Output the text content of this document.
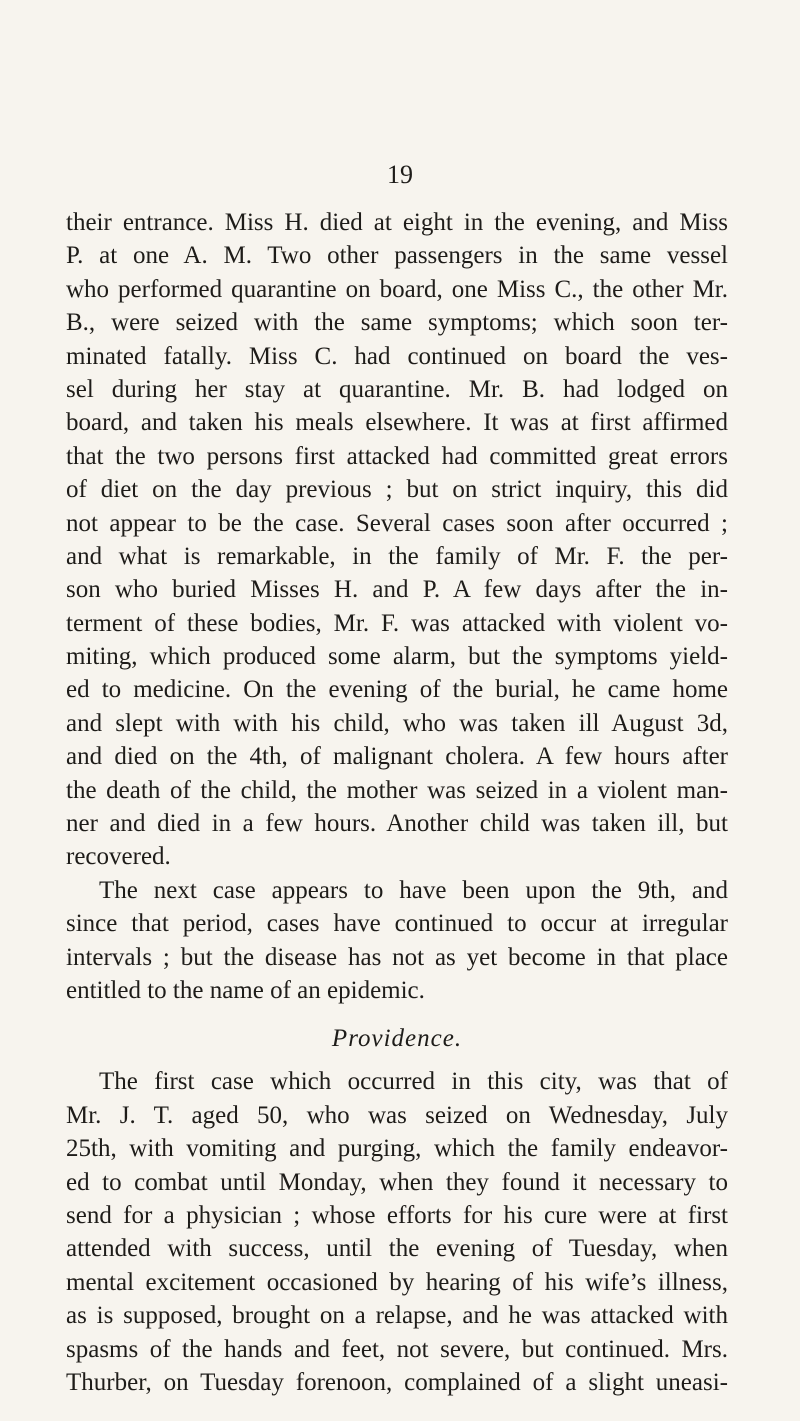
19
their entrance. Miss H. died at eight in the evening, and Miss
P. at one A. M. Two other passengers in the same vessel
who performed quarantine on board, one Miss C., the other Mr.
B., were seized with the same symptoms; which soon ter-
minated fatally. Miss C. had continued on board the ves-
sel during her stay at quarantine. Mr. B. had lodged on
board, and taken his meals elsewhere. It was at first affirmed
that the two persons first attacked had committed great errors
of diet on the day previous ; but on strict inquiry, this did
not appear to be the case. Several cases soon after occurred ;
and what is remarkable, in the family of Mr. F. the per-
son who buried Misses H. and P. A few days after the in-
terment of these bodies, Mr. F. was attacked with violent vo-
miting, which produced some alarm, but the symptoms yield-
ed to medicine. On the evening of the burial, he came home
and slept with with his child, who was taken ill August 3d,
and died on the 4th, of malignant cholera. A few hours after
the death of the child, the mother was seized in a violent man-
ner and died in a few hours. Another child was taken ill, but
recovered.
The next case appears to have been upon the 9th, and
since that period, cases have continued to occur at irregular
intervals ; but the disease has not as yet become in that place
entitled to the name of an epidemic.
Providence.
The first case which occurred in this city, was that of
Mr. J. T. aged 50, who was seized on Wednesday, July
25th, with vomiting and purging, which the family endeavor-
ed to combat until Monday, when they found it necessary to
send for a physician ; whose efforts for his cure were at first
attended with success, until the evening of Tuesday, when
mental excitement occasioned by hearing of his wife’s illness,
as is supposed, brought on a relapse, and he was attacked with
spasms of the hands and feet, not severe, but continued. Mrs.
Thurber, on Tuesday forenoon, complained of a slight uneasi-
